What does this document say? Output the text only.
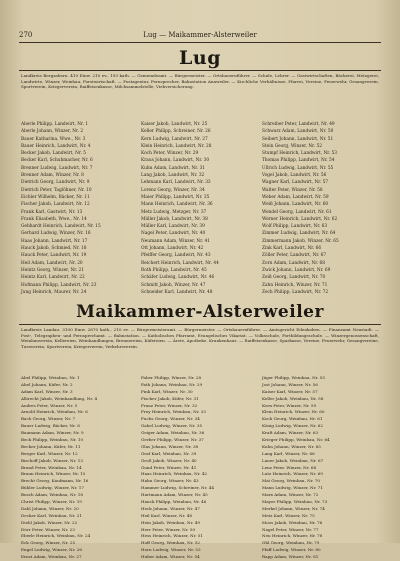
270	Lug — Maikammer-Alsterweiler
Lug
Landkreis Bergzabern. 410 Einw. 210 ev., 193 kath. — Gemeindeamt. — Bürgermeister. — Ortsbauernführer. — Schule, Lehrer. — Gastwirtschaften, Bäckerei, Metzgerei, Landwirte, Winzer, Weinbau, Forstwirtschaft. — Postagentur, Fernsprecher, Bahnstation Annweiler. — Kirchliche Verhältnisse, Pfarrei, Vereine, Feuerwehr, Gesangverein, Sportverein, Kriegerverein, Raiffeisenkasse, Milchsammelstelle, Viehversicherung.
Aberle Philipp, Landwirt, Nr. 1
Aberle Johann, Winzer, Nr. 2
Bauer Katharina, Wwe., Nr. 3
Bauer Heinrich, Landwirt, Nr. 4
Becker Jakob, Landwirt, Nr. 5
Becker Karl, Schuhmacher, Nr. 6
Brenner Ludwig, Landwirt, Nr. 7
Brenner Adam, Winzer, Nr. 8
Dietrich Georg, Landwirt, Nr. 9
Dietrich Peter, Taglöhner, Nr. 10
Eichler Wilhelm, Bäcker, Nr. 11
Fischer Jakob, Landwirt, Nr. 12
Frank Karl, Gastwirt, Nr. 13
Frank Elisabeth, Wwe., Nr. 14
Gebhardt Heinrich, Landwirt, Nr. 15
Gerhard Ludwig, Winzer, Nr. 16
Haas Johann, Landwirt, Nr. 17
Hauck Jakob, Schmied, Nr. 18
Hauck Peter, Landwirt, Nr. 19
Heil Adam, Landwirt, Nr. 20
Heintz Georg, Winzer, Nr. 21
Heintz Karl, Landwirt, Nr. 22
Hofmann Philipp, Landwirt, Nr. 23
Jung Heinrich, Maurer, Nr. 24
Kaiser Jakob, Landwirt, Nr. 25
Keller Philipp, Schreiner, Nr. 26
Kern Ludwig, Landwirt, Nr. 27
Klein Heinrich, Landwirt, Nr. 28
Koch Peter, Winzer, Nr. 29
Kraus Johann, Landwirt, Nr. 30
Kuhn Adam, Landwirt, Nr. 31
Lang Jakob, Landwirt, Nr. 32
Lehmann Karl, Landwirt, Nr. 33
Lorenz Georg, Winzer, Nr. 34
Maier Philipp, Landwirt, Nr. 35
Mann Heinrich, Landwirt, Nr. 36
Metz Ludwig, Metzger, Nr. 37
Müller Jakob, Landwirt, Nr. 38
Müller Karl, Landwirt, Nr. 39
Nagel Peter, Landwirt, Nr. 40
Neumann Adam, Winzer, Nr. 41
Ott Johann, Landwirt, Nr. 42
Pfeiffer Georg, Landwirt, Nr. 43
Reichert Heinrich, Landwirt, Nr. 44
Roth Philipp, Landwirt, Nr. 45
Schäfer Ludwig, Landwirt, Nr. 46
Schmitt Jakob, Winzer, Nr. 47
Schneider Karl, Landwirt, Nr. 48
Schreiber Peter, Landwirt, Nr. 49
Schwarz Adam, Landwirt, Nr. 50
Seibert Johann, Landwirt, Nr. 51
Stein Georg, Winzer, Nr. 52
Stumpf Heinrich, Landwirt, Nr. 53
Thomas Philipp, Landwirt, Nr. 54
Ullrich Ludwig, Landwirt, Nr. 55
Vogel Jakob, Landwirt, Nr. 56
Wagner Karl, Landwirt, Nr. 57
Walter Peter, Winzer, Nr. 58
Weber Adam, Landwirt, Nr. 59
Weiß Johann, Landwirt, Nr. 60
Wendel Georg, Landwirt, Nr. 61
Werner Heinrich, Landwirt, Nr. 62
Wolf Philipp, Landwirt, Nr. 63
Zimmer Ludwig, Landwirt, Nr. 64
Zimmermann Jakob, Winzer, Nr. 65
Zink Karl, Landwirt, Nr. 66
Zöller Peter, Landwirt, Nr. 67
Zorn Adam, Landwirt, Nr. 68
Zwick Johann, Landwirt, Nr. 69
Zeiß Georg, Landwirt, Nr. 70
Zahn Heinrich, Winzer, Nr. 71
Zech Philipp, Landwirt, Nr. 72
Maikammer-Alsterweiler
Landkreis Landau. 3100 Einw. 2870 kath., 210 ev. — Bürgermeisteramt. — Bürgermeister. — Ortsbauernführer. — Amtsgericht Edenkoben. — Finanzamt Neustadt. — Post-, Telegraphen- und Fernsprechamt. — Bahnstation. — Katholisches Pfarramt, Evangelisches Vikariat. — Volksschule, Fortbildungsschule. — Winzergenossenschaft, Weinbauverein, Kellereien, Weinhandlungen, Brennereien, Küfereien. — Ärzte, Apotheke, Krankenhaus. — Raiffeisenkasse, Sparkasse, Vereine, Feuerwehr, Gesangvereine, Turnverein, Sportverein, Kriegerverein, Verkehrsverein.
Abel Philipp, Weinbau, Nr. 1
Abel Johann, Küfer, Nr. 2
Adam Karl, Winzer, Nr. 3
Albrecht Jakob, Weinhandlung, Nr. 4
Andres Peter, Winzer, Nr. 5
Arnold Heinrich, Weinbau, Nr. 6
Bach Georg, Winzer, Nr. 7
Bauer Ludwig, Bäcker, Nr. 8
Baumann Adam, Winzer, Nr. 9
Beck Philipp, Weinbau, Nr. 10
Becker Johann, Küfer, Nr. 11
Berger Karl, Winzer, Nr. 12
Bischoff Jakob, Winzer, Nr. 13
Brand Peter, Weinbau, Nr. 14
Braun Heinrich, Winzer, Nr. 15
Brecht Georg, Kaufmann, Nr. 16
Bühler Ludwig, Winzer, Nr. 17
Busch Adam, Weinbau, Nr. 18
Christ Philipp, Winzer, Nr. 19
Dahl Johann, Winzer, Nr. 20
Decker Karl, Weinbau, Nr. 21
Diehl Jakob, Winzer, Nr. 22
Dörr Peter, Winzer, Nr. 23
Eberle Heinrich, Weinbau, Nr. 24
Eck Georg, Winzer, Nr. 25
Engel Ludwig, Winzer, Nr. 26
Ernst Adam, Weinbau, Nr. 27
Faber Philipp, Winzer, Nr. 28
Fath Johann, Weinbau, Nr. 29
Fink Karl, Winzer, Nr. 30
Fischer Jakob, Küfer, Nr. 31
Franz Peter, Winzer, Nr. 32
Frey Heinrich, Weinbau, Nr. 33
Fuchs Georg, Winzer, Nr. 34
Gabel Ludwig, Winzer, Nr. 35
Geiger Adam, Weinbau, Nr. 36
Gerber Philipp, Winzer, Nr. 37
Glas Johann, Winzer, Nr. 38
Graf Karl, Weinbau, Nr. 39
Groß Jakob, Winzer, Nr. 40
Gund Peter, Winzer, Nr. 41
Haas Heinrich, Weinbau, Nr. 42
Hahn Georg, Winzer, Nr. 43
Hammer Ludwig, Schreiner, Nr. 44
Hartmann Adam, Winzer, Nr. 45
Hauck Philipp, Weinbau, Nr. 46
Heck Johann, Winzer, Nr. 47
Heil Karl, Winzer, Nr. 48
Hein Jakob, Weinbau, Nr. 49
Herr Peter, Winzer, Nr. 50
Hess Heinrich, Winzer, Nr. 51
Hoff Georg, Weinbau, Nr. 52
Horn Ludwig, Winzer, Nr. 53
Huber Adam, Winzer, Nr. 54
Jäger Philipp, Weinbau, Nr. 55
Jost Johann, Winzer, Nr. 56
Kaiser Karl, Winzer, Nr. 57
Keller Jakob, Weinbau, Nr. 58
Kern Peter, Winzer, Nr. 59
Klein Heinrich, Winzer, Nr. 60
Koch Georg, Weinbau, Nr. 61
König Ludwig, Winzer, Nr. 62
Kraft Adam, Winzer, Nr. 63
Krieger Philipp, Weinbau, Nr. 64
Kuhn Johann, Winzer, Nr. 65
Lang Karl, Winzer, Nr. 66
Lauer Jakob, Weinbau, Nr. 67
Lenz Peter, Winzer, Nr. 68
Lutz Heinrich, Winzer, Nr. 69
Mai Georg, Weinbau, Nr. 70
Mann Ludwig, Winzer, Nr. 71
Marx Adam, Winzer, Nr. 72
Mayer Philipp, Weinbau, Nr. 73
Merkel Johann, Winzer, Nr. 74
Metz Karl, Winzer, Nr. 75
Moos Jakob, Weinbau, Nr. 76
Nagel Peter, Winzer, Nr. 77
Neu Heinrich, Winzer, Nr. 78
Ohl Georg, Weinbau, Nr. 79
Pfaff Ludwig, Winzer, Nr. 80
Rapp Adam, Winzer, Nr. 81
